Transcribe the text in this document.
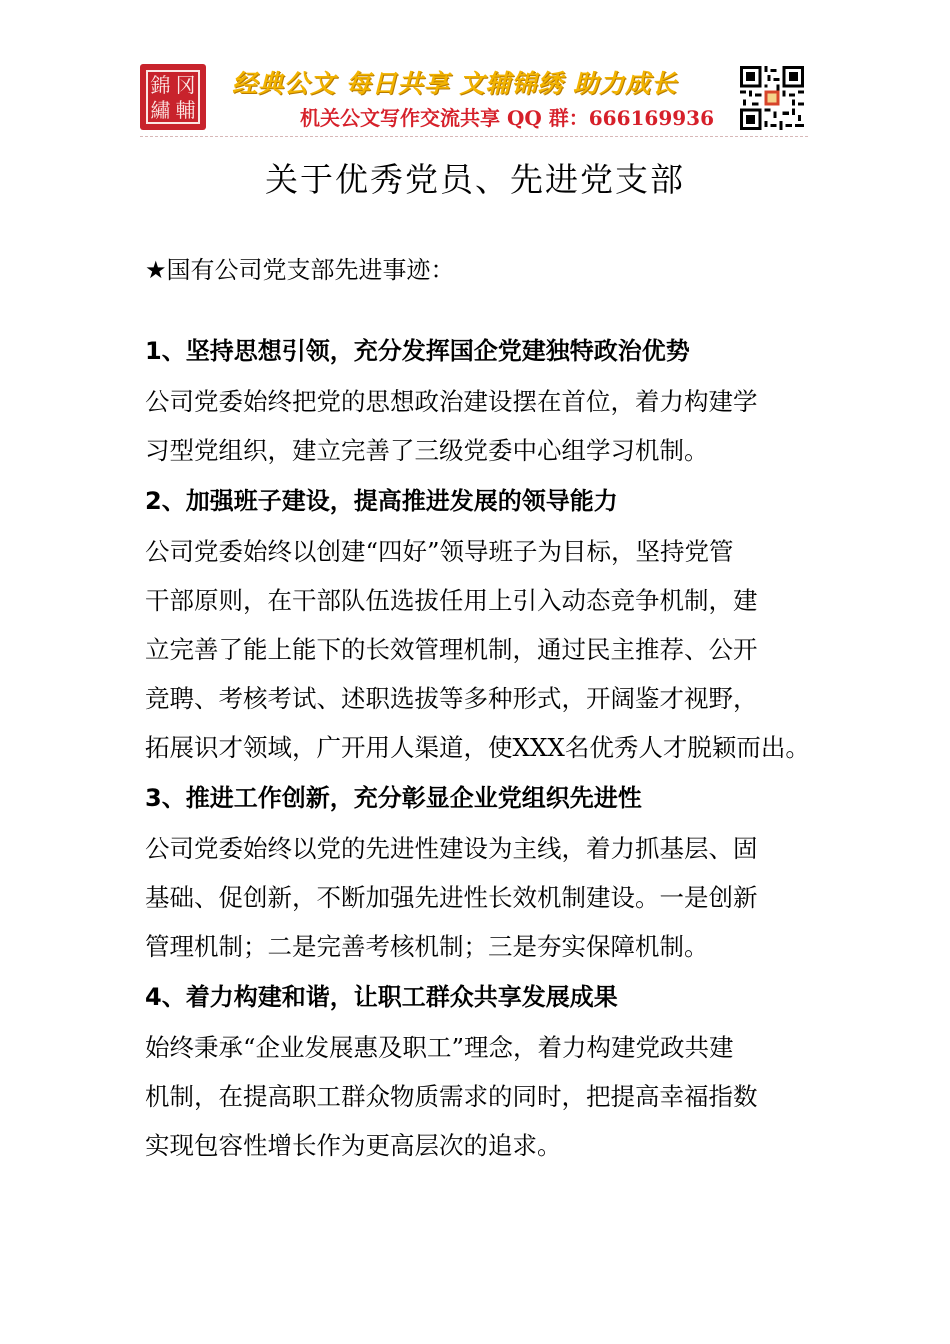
錦 冈
繡 輔
经典公文 每日共享 文辅锦绣 助力成长
机关公文写作交流共享 QQ 群：666169936
关于优秀党员、先进党支部

★国有公司党支部先进事迹：

1、坚持思想引领，充分发挥国企党建独特政治优势

公司党委始终把党的思想政治建设摆在首位，着力构建学

习型党组织，建立完善了三级党委中心组学习机制。

2、加强班子建设，提高推进发展的领导能力

公司党委始终以创建“四好”领导班子为目标，坚持党管

干部原则，在干部队伍选拔任用上引入动态竞争机制，建

立完善了能上能下的长效管理机制，通过民主推荐、公开

竞聘、考核考试、述职选拔等多种形式，开阔鉴才视野，

拓展识才领域，广开用人渠道，使XXX名优秀人才脱颖而出。

3、推进工作创新，充分彰显企业党组织先进性

公司党委始终以党的先进性建设为主线，着力抓基层、固

基础、促创新，不断加强先进性长效机制建设。一是创新

管理机制；二是完善考核机制；三是夯实保障机制。

4、着力构建和谐，让职工群众共享发展成果

始终秉承“企业发展惠及职工”理念，着力构建党政共建

机制，在提高职工群众物质需求的同时，把提高幸福指数

实现包容性增长作为更高层次的追求。
